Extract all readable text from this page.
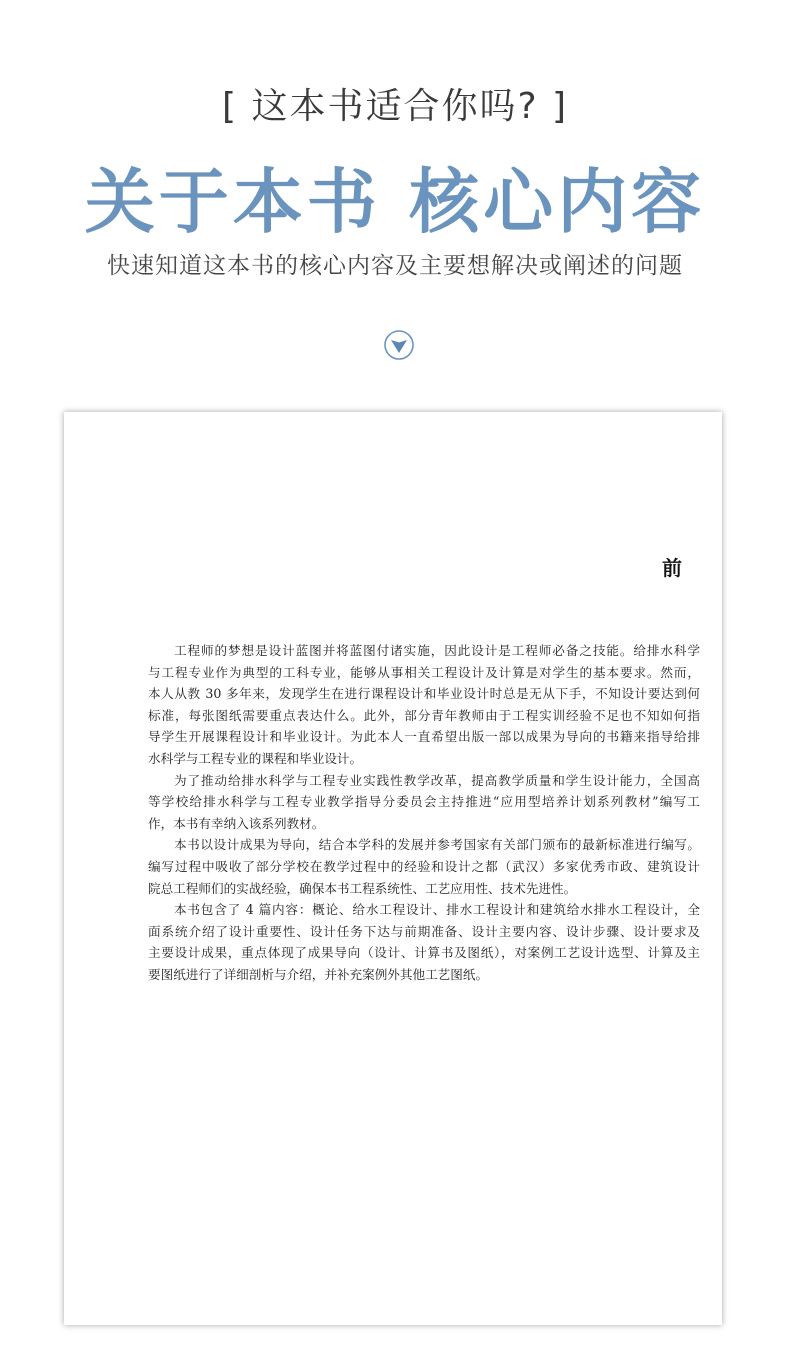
[ 这本书适合你吗? ]
关于本书 核心内容
快速知道这本书的核心内容及主要想解决或阐述的问题
前
工程师的梦想是设计蓝图并将蓝图付诸实施，因此设计是工程师必备之技能。给排水科学
与工程专业作为典型的工科专业，能够从事相关工程设计及计算是对学生的基本要求。然而，
本人从教 30 多年来，发现学生在进行课程设计和毕业设计时总是无从下手，不知设计要达到何
标准，每张图纸需要重点表达什么。此外，部分青年教师由于工程实训经验不足也不知如何指
导学生开展课程设计和毕业设计。为此本人一直希望出版一部以成果为导向的书籍来指导给排
水科学与工程专业的课程和毕业设计。
为了推动给排水科学与工程专业实践性教学改革，提高教学质量和学生设计能力，全国高
等学校给排水科学与工程专业教学指导分委员会主持推进“应用型培养计划系列教材”编写工
作，本书有幸纳入该系列教材。
本书以设计成果为导向，结合本学科的发展并参考国家有关部门颁布的最新标准进行编写。
编写过程中吸收了部分学校在教学过程中的经验和设计之都（武汉）多家优秀市政、建筑设计
院总工程师们的实战经验，确保本书工程系统性、工艺应用性、技术先进性。
本书包含了 4 篇内容：概论、给水工程设计、排水工程设计和建筑给水排水工程设计，全
面系统介绍了设计重要性、设计任务下达与前期准备、设计主要内容、设计步骤、设计要求及
主要设计成果，重点体现了成果导向（设计、计算书及图纸），对案例工艺设计选型、计算及主
要图纸进行了详细剖析与介绍，并补充案例外其他工艺图纸。
